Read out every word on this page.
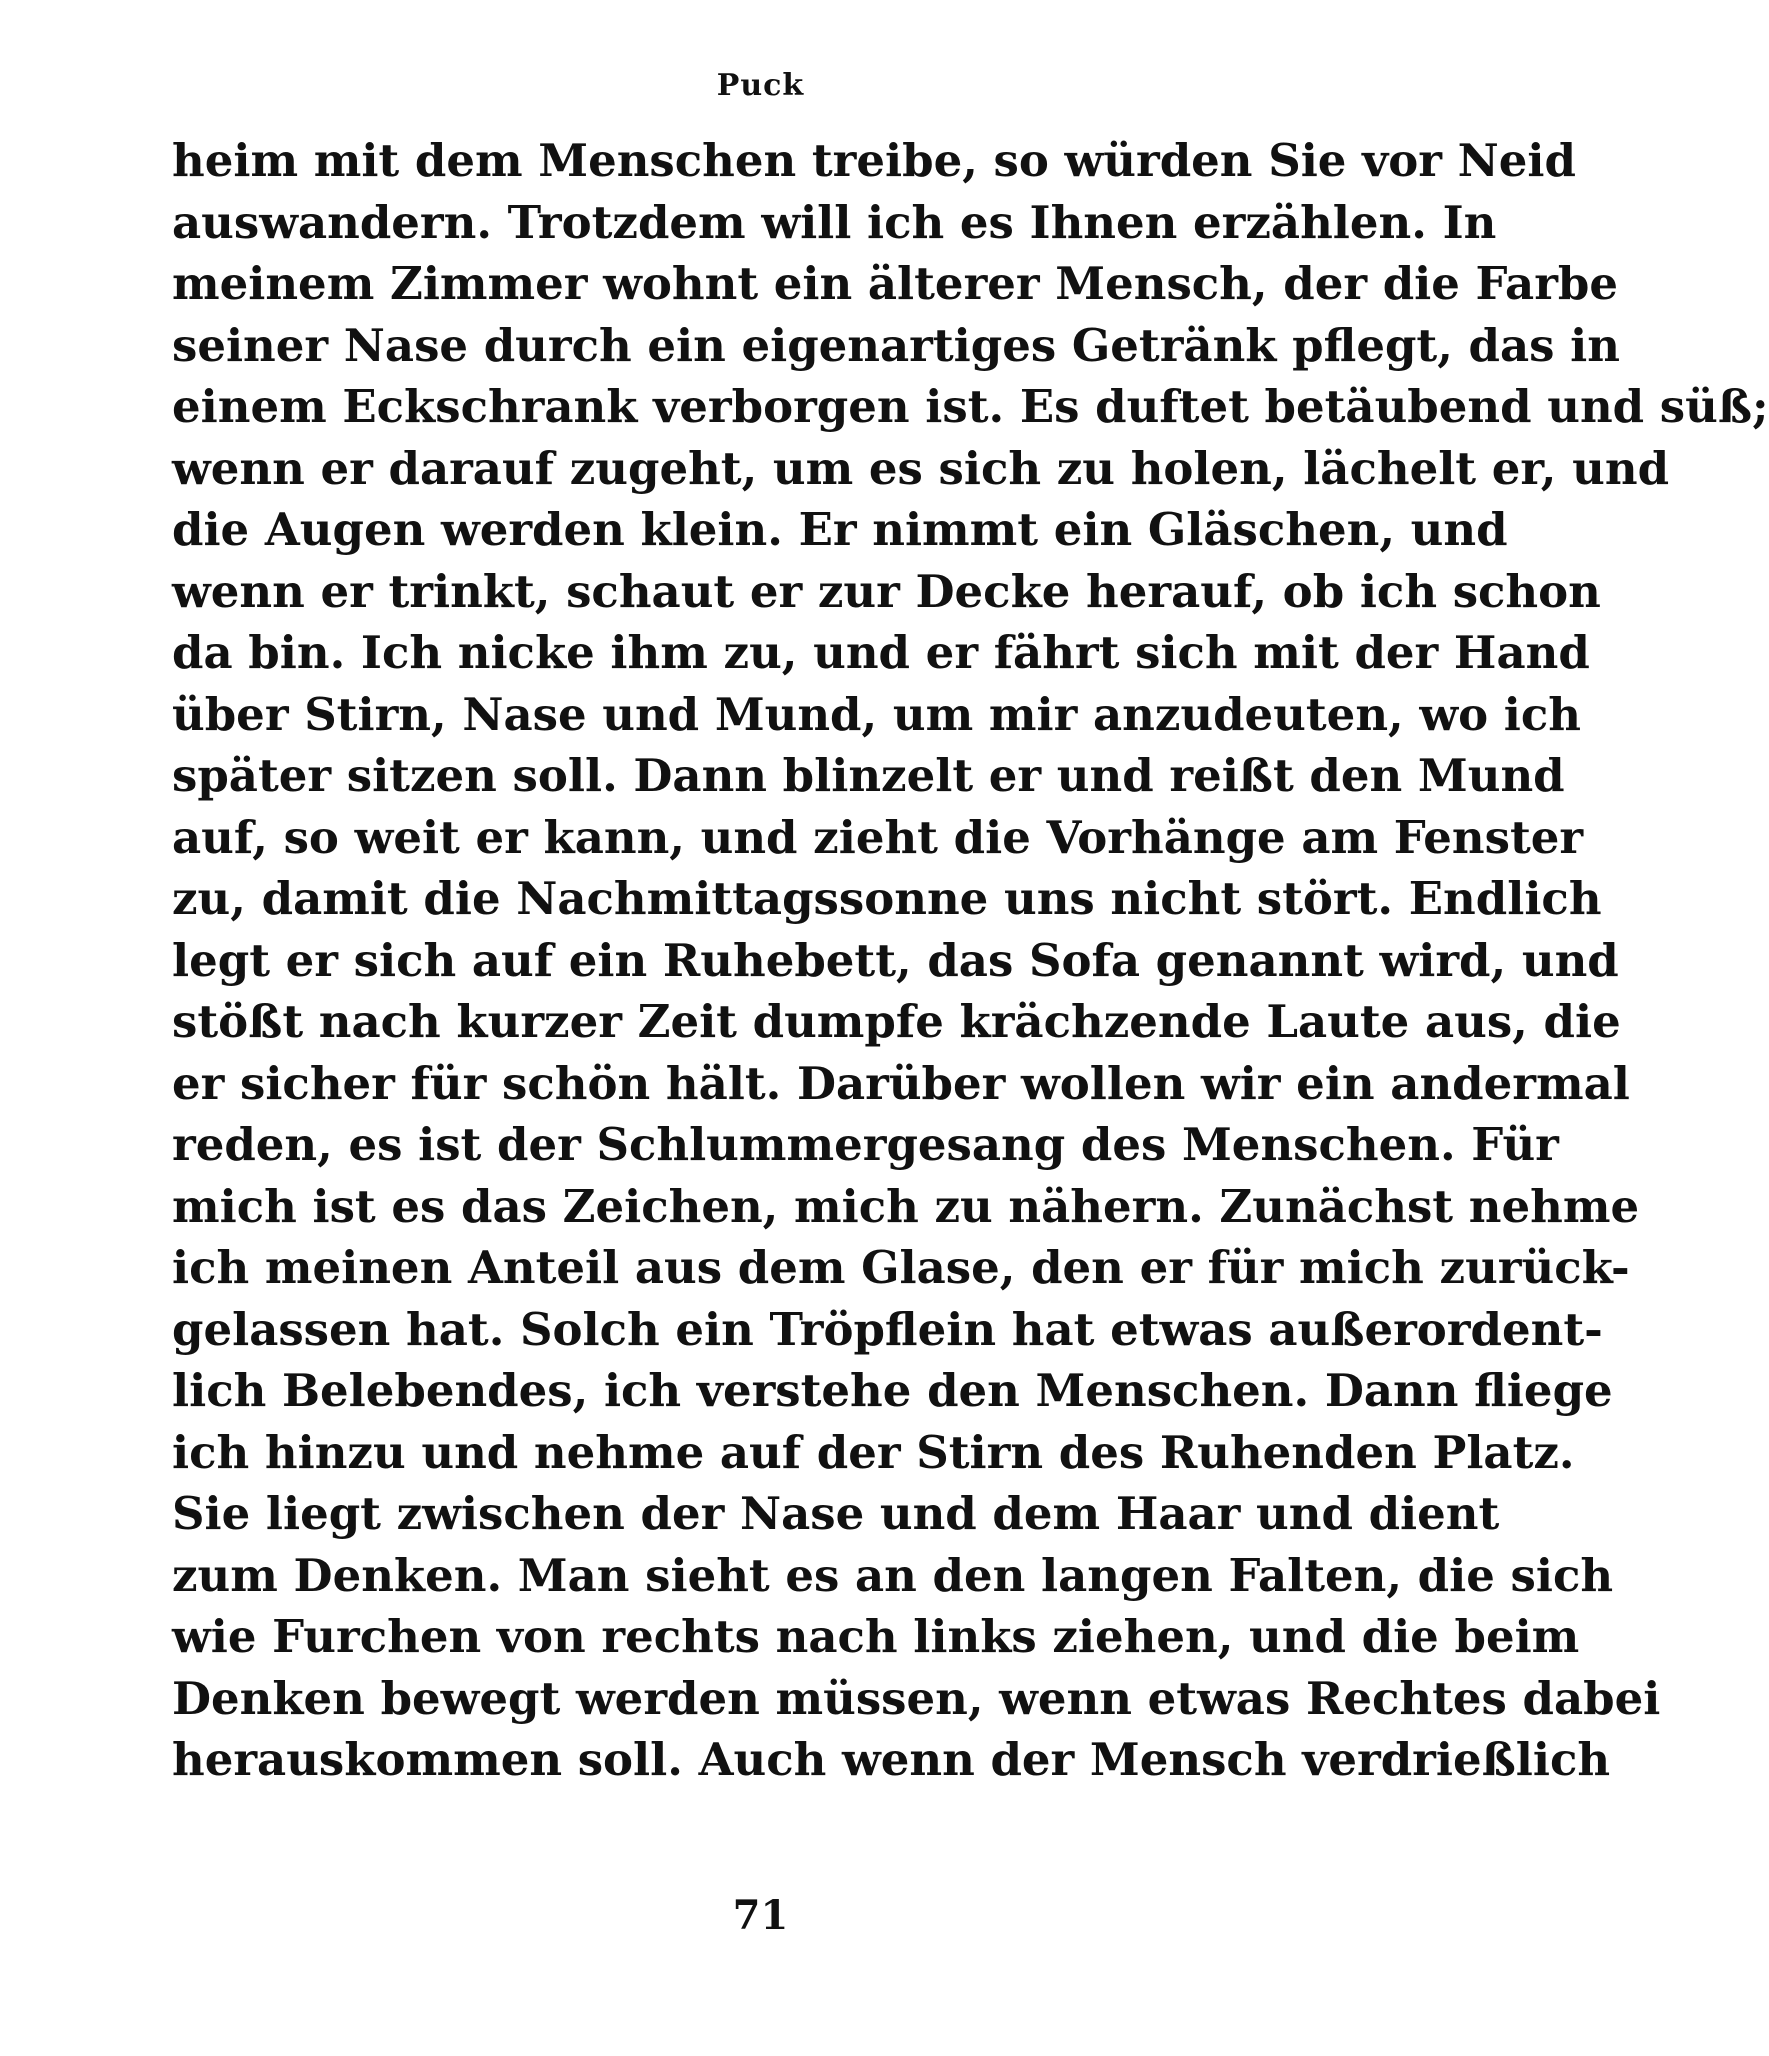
Puck
heim mit dem Menschen treibe, so würden Sie vor Neid
auswandern. Trotzdem will ich es Ihnen erzählen. In
meinem Zimmer wohnt ein älterer Mensch, der die Farbe
seiner Nase durch ein eigenartiges Getränk pflegt, das in
einem Eckschrank verborgen ist. Es duftet betäubend und süß;
wenn er darauf zugeht, um es sich zu holen, lächelt er, und
die Augen werden klein. Er nimmt ein Gläschen, und
wenn er trinkt, schaut er zur Decke herauf, ob ich schon
da bin. Ich nicke ihm zu, und er fährt sich mit der Hand
über Stirn, Nase und Mund, um mir anzudeuten, wo ich
später sitzen soll. Dann blinzelt er und reißt den Mund
auf, so weit er kann, und zieht die Vorhänge am Fenster
zu, damit die Nachmittagssonne uns nicht stört. Endlich
legt er sich auf ein Ruhebett, das Sofa genannt wird, und
stößt nach kurzer Zeit dumpfe krächzende Laute aus, die
er sicher für schön hält. Darüber wollen wir ein andermal
reden, es ist der Schlummergesang des Menschen. Für
mich ist es das Zeichen, mich zu nähern. Zunächst nehme
ich meinen Anteil aus dem Glase, den er für mich zurück-
gelassen hat. Solch ein Tröpflein hat etwas außerordent-
lich Belebendes, ich verstehe den Menschen. Dann fliege
ich hinzu und nehme auf der Stirn des Ruhenden Platz.
Sie liegt zwischen der Nase und dem Haar und dient
zum Denken. Man sieht es an den langen Falten, die sich
wie Furchen von rechts nach links ziehen, und die beim
Denken bewegt werden müssen, wenn etwas Rechtes dabei
herauskommen soll. Auch wenn der Mensch verdrießlich
71
